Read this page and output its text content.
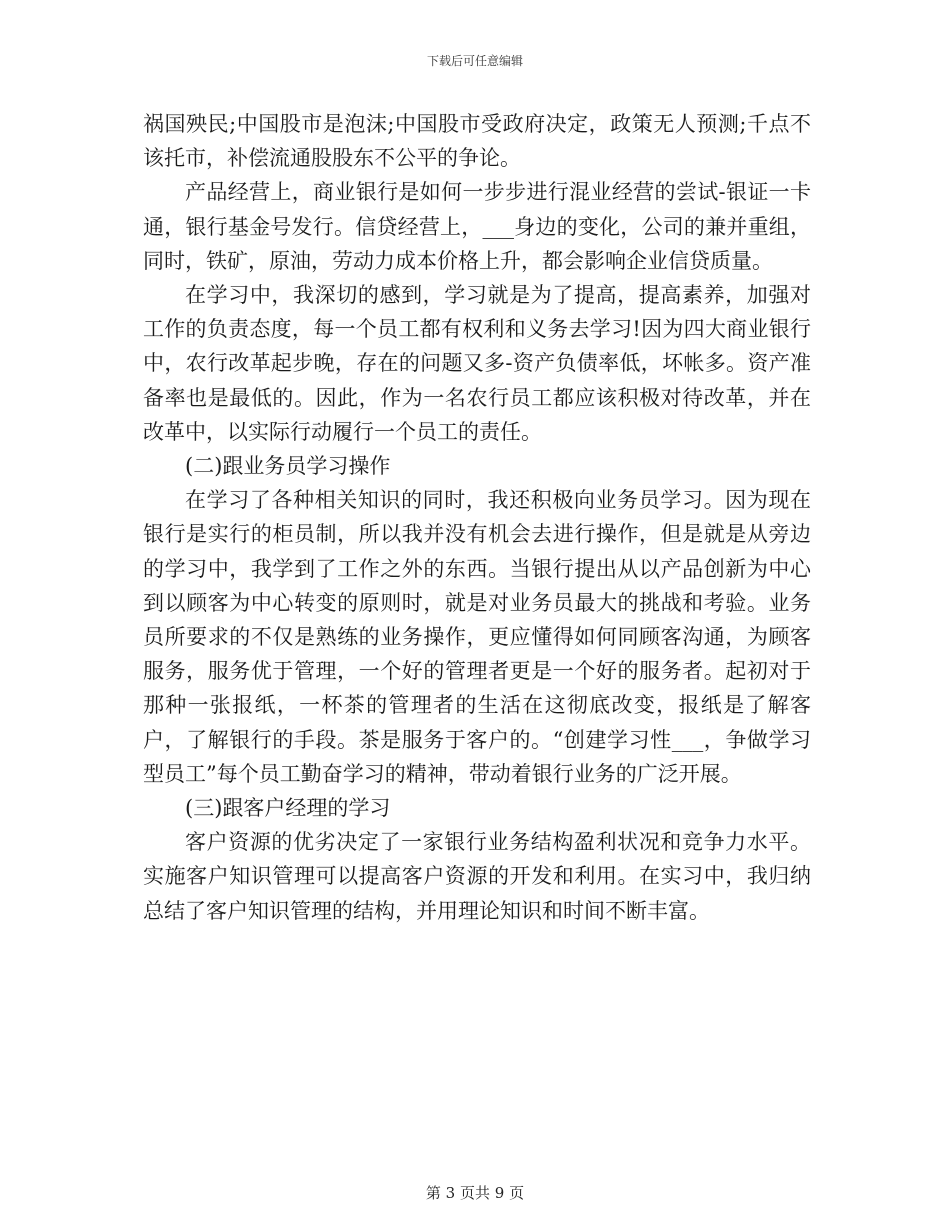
下载后可任意编辑

祸国殃民;中国股市是泡沫;中国股市受政府决定，政策无人预测;千点不该托市，补偿流通股股东不公平的争论。

产品经营上，商业银行是如何一步步进行混业经营的尝试-银证一卡通，银行基金号发行。信贷经营上，___身边的变化，公司的兼并重组，同时，铁矿，原油，劳动力成本价格上升，都会影响企业信贷质量。

在学习中，我深切的感到，学习就是为了提高，提高素养，加强对工作的负责态度，每一个员工都有权利和义务去学习!因为四大商业银行中，农行改革起步晚，存在的问题又多-资产负债率低，坏帐多。资产准备率也是最低的。因此，作为一名农行员工都应该积极对待改革，并在改革中，以实际行动履行一个员工的责任。

(二)跟业务员学习操作

在学习了各种相关知识的同时，我还积极向业务员学习。因为现在银行是实行的柜员制，所以我并没有机会去进行操作，但是就是从旁边的学习中，我学到了工作之外的东西。当银行提出从以产品创新为中心到以顾客为中心转变的原则时，就是对业务员最大的挑战和考验。业务员所要求的不仅是熟练的业务操作，更应懂得如何同顾客沟通，为顾客服务，服务优于管理，一个好的管理者更是一个好的服务者。起初对于那种一张报纸，一杯茶的管理者的生活在这彻底改变，报纸是了解客户，了解银行的手段。茶是服务于客户的。“创建学习性___，争做学习型员工”每个员工勤奋学习的精神，带动着银行业务的广泛开展。

(三)跟客户经理的学习

客户资源的优劣决定了一家银行业务结构盈利状况和竞争力水平。实施客户知识管理可以提高客户资源的开发和利用。在实习中，我归纳总结了客户知识管理的结构，并用理论知识和时间不断丰富。

第 3 页共 9 页
